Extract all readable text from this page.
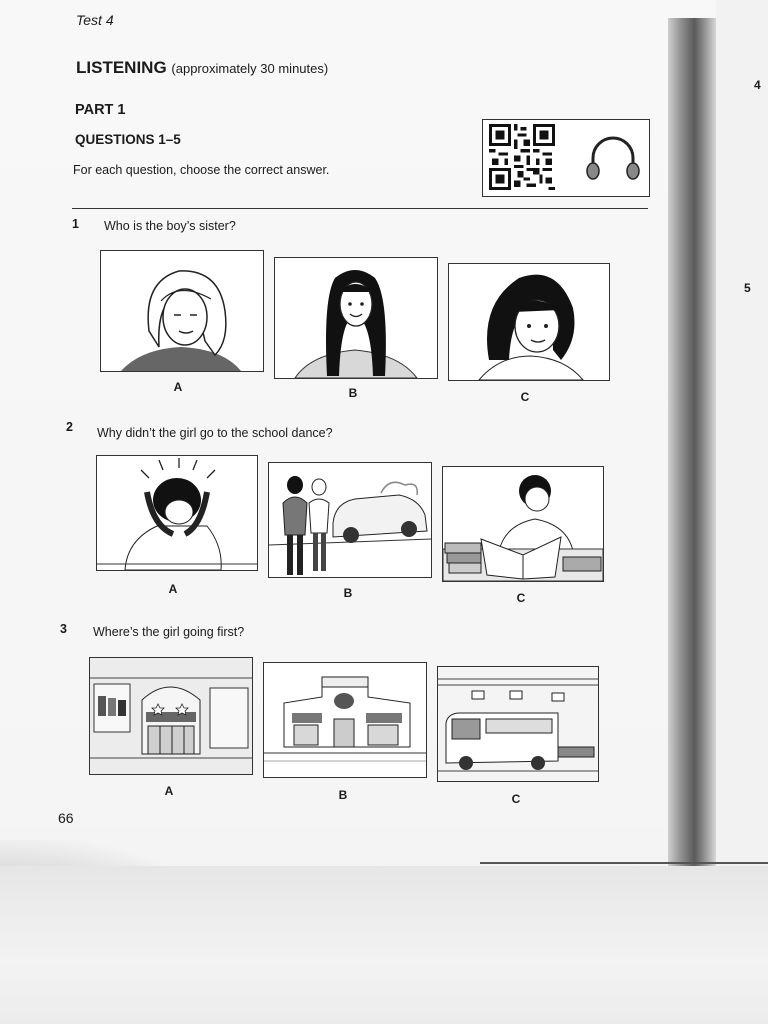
Test 4
LISTENING (approximately 30 minutes)
PART 1
QUESTIONS 1–5
For each question, choose the correct answer.
1 Who is the boy’s sister?
A	B	C
2 Why didn’t the girl go to the school dance?
A	B	C
3 Where’s the girl going first?
A	B	C
66
4
5
